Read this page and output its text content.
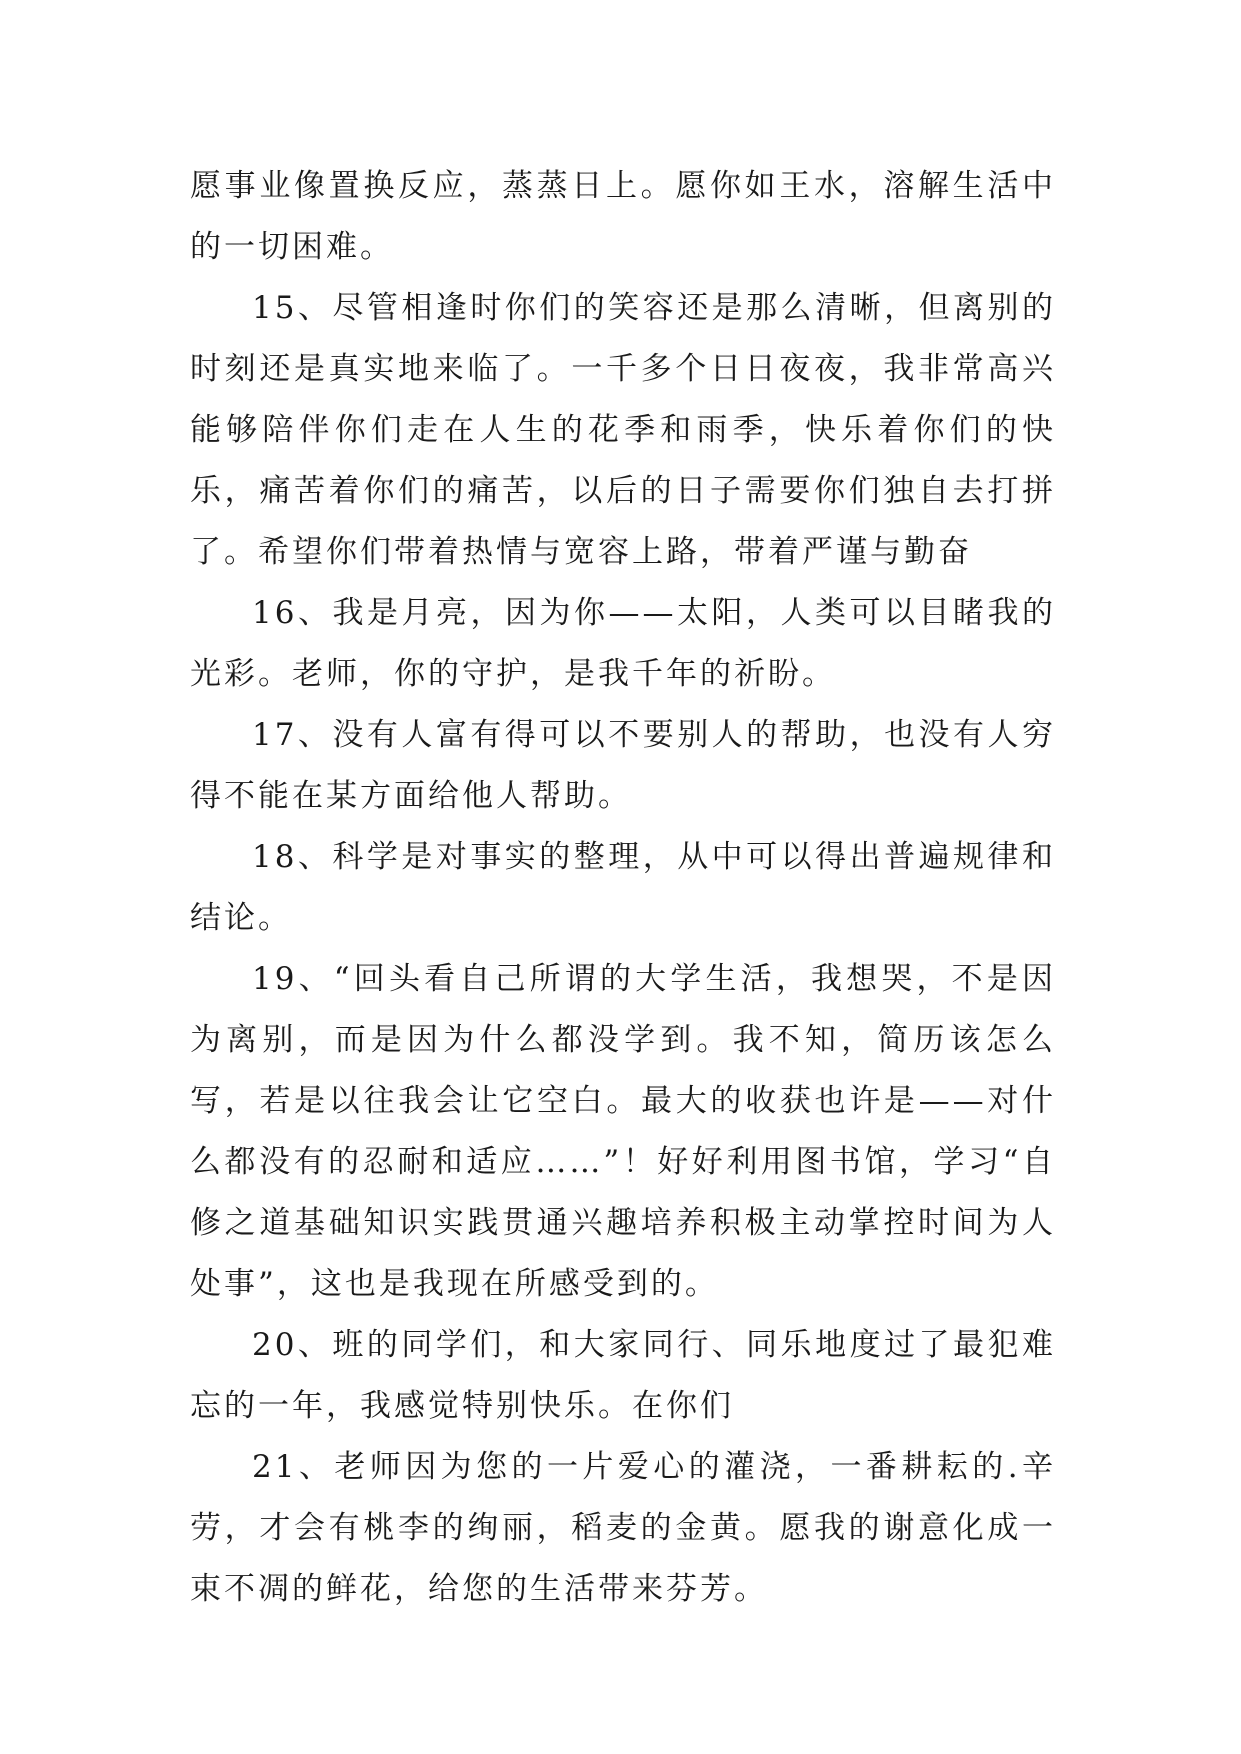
愿事业像置换反应，蒸蒸日上。愿你如王水，溶解生活中的一切困难。

15、尽管相逢时你们的笑容还是那么清晰，但离别的时刻还是真实地来临了。一千多个日日夜夜，我非常高兴能够陪伴你们走在人生的花季和雨季，快乐着你们的快乐，痛苦着你们的痛苦，以后的日子需要你们独自去打拼了。希望你们带着热情与宽容上路，带着严谨与勤奋

16、我是月亮，因为你——太阳，人类可以目睹我的光彩。老师，你的守护，是我千年的祈盼。

17、没有人富有得可以不要别人的帮助，也没有人穷得不能在某方面给他人帮助。

18、科学是对事实的整理，从中可以得出普遍规律和结论。

19、“回头看自己所谓的大学生活，我想哭，不是因为离别，而是因为什么都没学到。我不知，简历该怎么写，若是以往我会让它空白。最大的收获也许是——对什么都没有的忍耐和适应……”！好好利用图书馆，学习“自修之道基础知识实践贯通兴趣培养积极主动掌控时间为人处事”，这也是我现在所感受到的。

20、班的同学们，和大家同行、同乐地度过了最犯难忘的一年，我感觉特别快乐。在你们

21、老师因为您的一片爱心的灌浇，一番耕耘的.辛劳，才会有桃李的绚丽，稻麦的金黄。愿我的谢意化成一束不凋的鲜花，给您的生活带来芬芳。
